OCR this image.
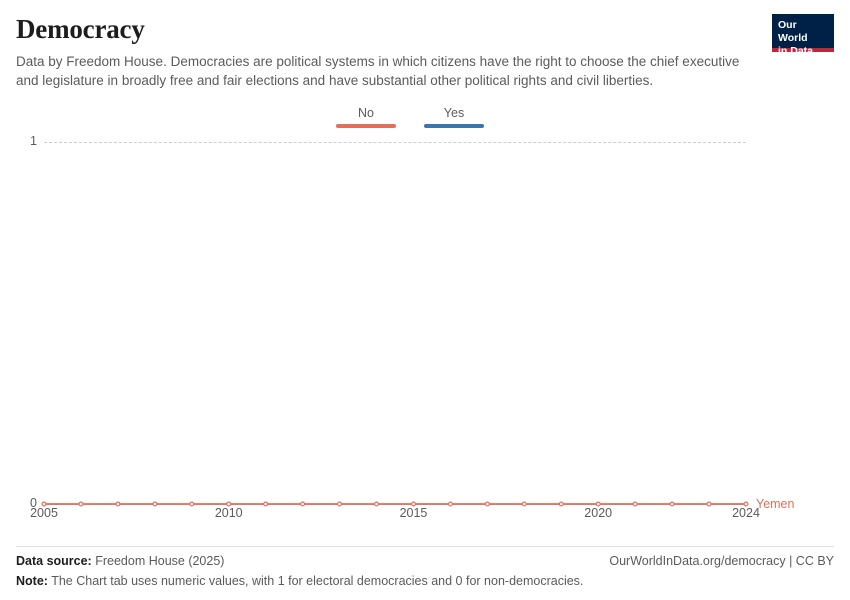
Democracy

Data by Freedom House. Democracies are political systems in which citizens have the right to choose the chief executive and legislature in broadly free and fair elections and have substantial other political rights and civil liberties.

Our World
in Data
No	Yes
0
1
Yemen
2005	2010	2015	2020	2024
Data source: Freedom House (2025)	OurWorldInData.org/democracy | CC BY
Note: The Chart tab uses numeric values, with 1 for electoral democracies and 0 for non-democracies.
